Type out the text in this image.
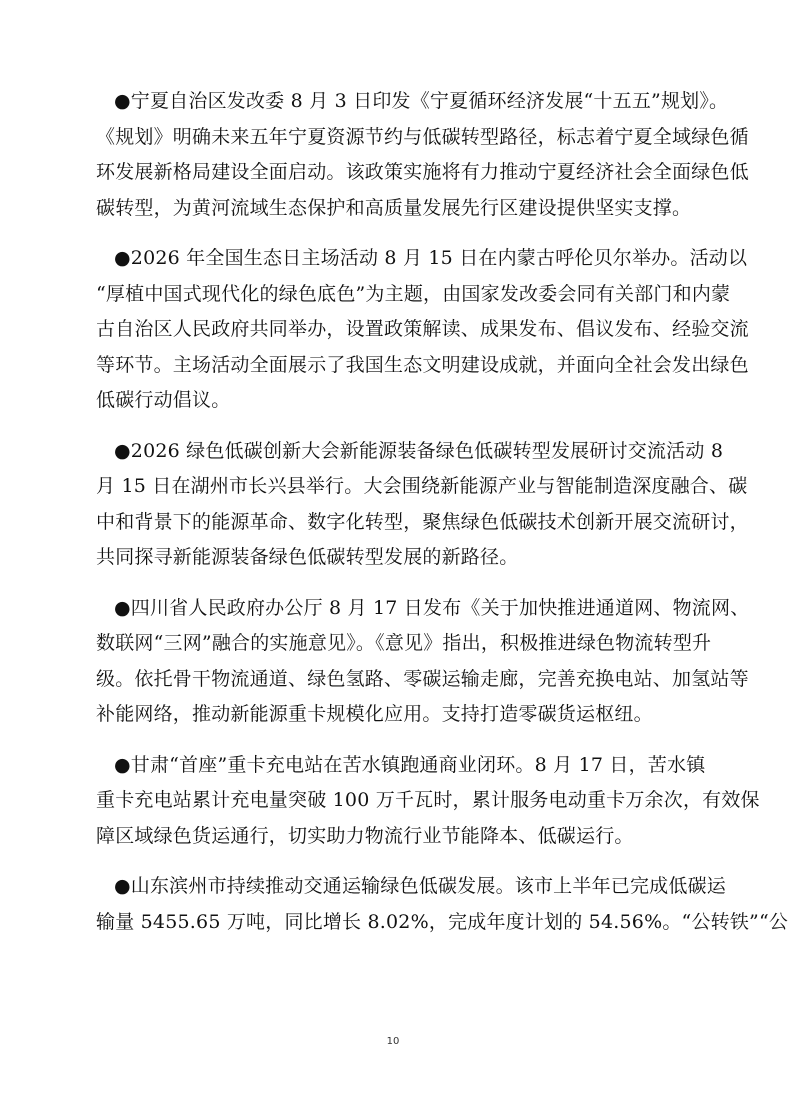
●宁夏自治区发改委 8 月 3 日印发《宁夏循环经济发展“十五五”规划》。
《规划》明确未来五年宁夏资源节约与低碳转型路径，标志着宁夏全域绿色循
环发展新格局建设全面启动。该政策实施将有力推动宁夏经济社会全面绿色低
碳转型，为黄河流域生态保护和高质量发展先行区建设提供坚实支撑。

●2026 年全国生态日主场活动 8 月 15 日在内蒙古呼伦贝尔举办。活动以
“厚植中国式现代化的绿色底色”为主题，由国家发改委会同有关部门和内蒙
古自治区人民政府共同举办，设置政策解读、成果发布、倡议发布、经验交流
等环节。主场活动全面展示了我国生态文明建设成就，并面向全社会发出绿色
低碳行动倡议。

●2026 绿色低碳创新大会新能源装备绿色低碳转型发展研讨交流活动 8
月 15 日在湖州市长兴县举行。大会围绕新能源产业与智能制造深度融合、碳
中和背景下的能源革命、数字化转型，聚焦绿色低碳技术创新开展交流研讨，
共同探寻新能源装备绿色低碳转型发展的新路径。

●四川省人民政府办公厅 8 月 17 日发布《关于加快推进通道网、物流网、
数联网“三网”融合的实施意见》。《意见》指出，积极推进绿色物流转型升
级。依托骨干物流通道、绿色氢路、零碳运输走廊，完善充换电站、加氢站等
补能网络，推动新能源重卡规模化应用。支持打造零碳货运枢纽。

●甘肃“首座”重卡充电站在苦水镇跑通商业闭环。8 月 17 日，苦水镇
重卡充电站累计充电量突破 100 万千瓦时，累计服务电动重卡万余次，有效保
障区域绿色货运通行，切实助力物流行业节能降本、低碳运行。

●山东滨州市持续推动交通运输绿色低碳发展。该市上半年已完成低碳运
输量 5455.65 万吨，同比增长 8.02%，完成年度计划的 54.56%。“公转铁”“公

10
